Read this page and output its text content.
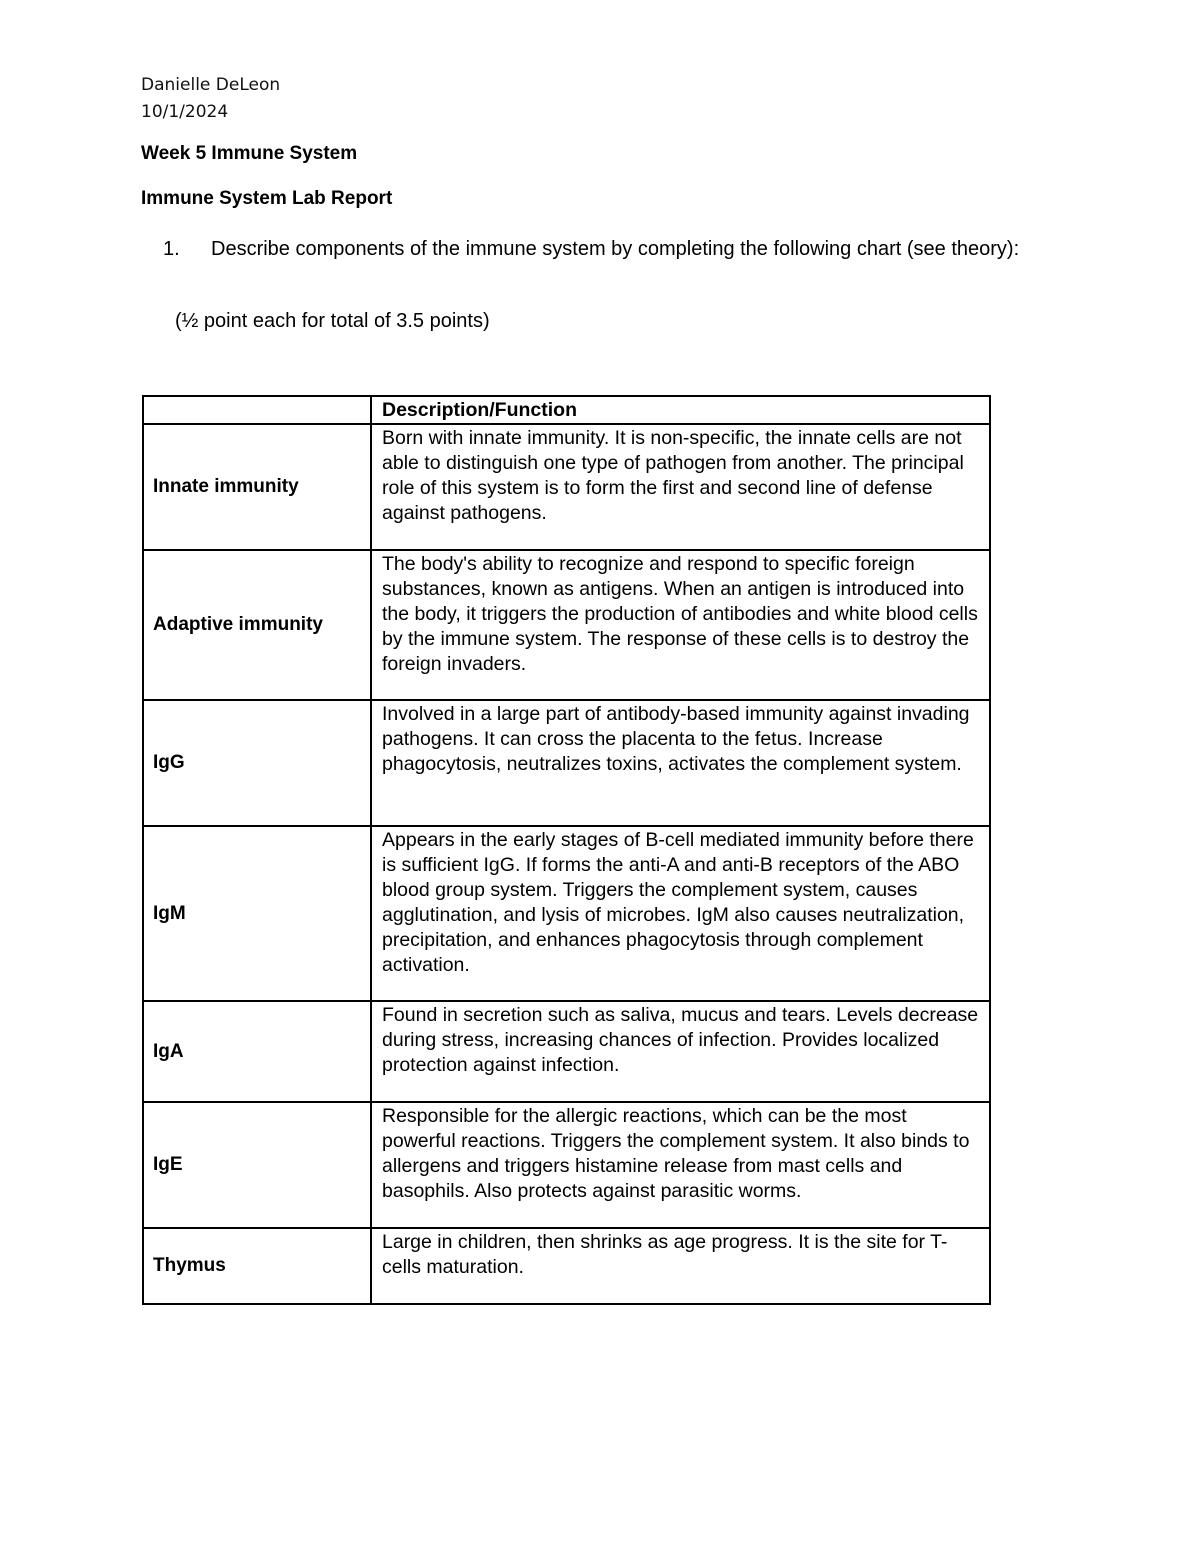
Danielle DeLeon
10/1/2024
Week 5 Immune System
Immune System Lab Report
1. Describe components of the immune system by completing the following chart (see theory):
(½ point each for total of 3.5 points)
	Description/Function
Innate immunity	Born with innate immunity. It is non-specific, the innate cells are not able to distinguish one type of pathogen from another. The principal role of this system is to form the first and second line of defense against pathogens.
Adaptive immunity	The body's ability to recognize and respond to specific foreign substances, known as antigens. When an antigen is introduced into the body, it triggers the production of antibodies and white blood cells by the immune system. The response of these cells is to destroy the foreign invaders.
IgG	Involved in a large part of antibody-based immunity against invading pathogens. It can cross the placenta to the fetus. Increase phagocytosis, neutralizes toxins, activates the complement system.
IgM	Appears in the early stages of B-cell mediated immunity before there is sufficient IgG. If forms the anti-A and anti-B receptors of the ABO blood group system. Triggers the complement system, causes agglutination, and lysis of microbes. IgM also causes neutralization, precipitation, and enhances phagocytosis through complement activation.
IgA	Found in secretion such as saliva, mucus and tears. Levels decrease during stress, increasing chances of infection. Provides localized protection against infection.
IgE	Responsible for the allergic reactions, which can be the most powerful reactions. Triggers the complement system. It also binds to allergens and triggers histamine release from mast cells and basophils. Also protects against parasitic worms.
Thymus	Large in children, then shrinks as age progress. It is the site for T-cells maturation.
